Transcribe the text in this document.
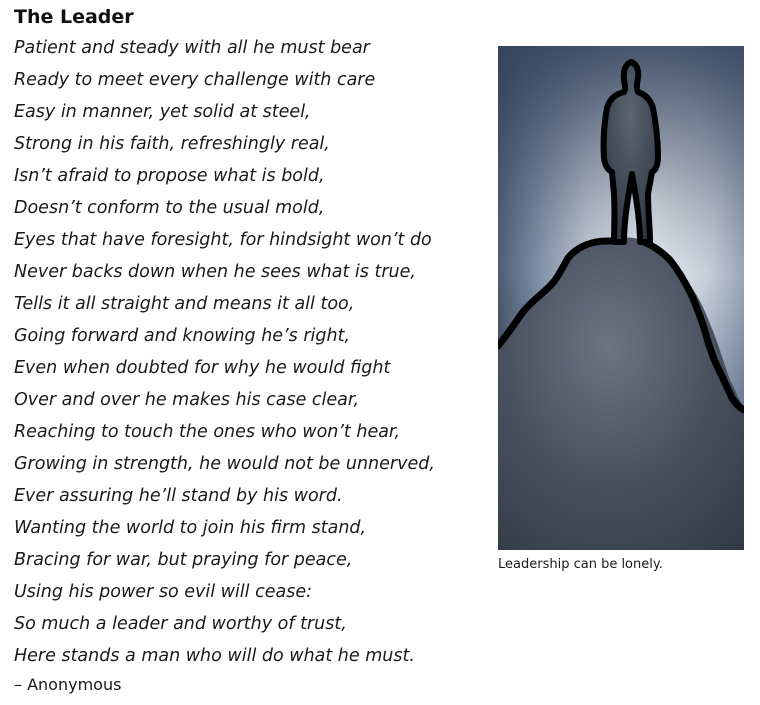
The Leader
Patient and steady with all he must bear
Ready to meet every challenge with care
Easy in manner, yet solid at steel,
Strong in his faith, refreshingly real,
Isn’t afraid to propose what is bold,
Doesn’t conform to the usual mold,
Eyes that have foresight, for hindsight won’t do
Never backs down when he sees what is true,
Tells it all straight and means it all too,
Going forward and knowing he’s right,
Even when doubted for why he would fight
Over and over he makes his case clear,
Reaching to touch the ones who won’t hear,
Growing in strength, he would not be unnerved,
Ever assuring he’ll stand by his word.
Wanting the world to join his firm stand,
Bracing for war, but praying for peace,
Using his power so evil will cease:
So much a leader and worthy of trust,
Here stands a man who will do what he must.
– Anonymous
Leadership can be lonely.
